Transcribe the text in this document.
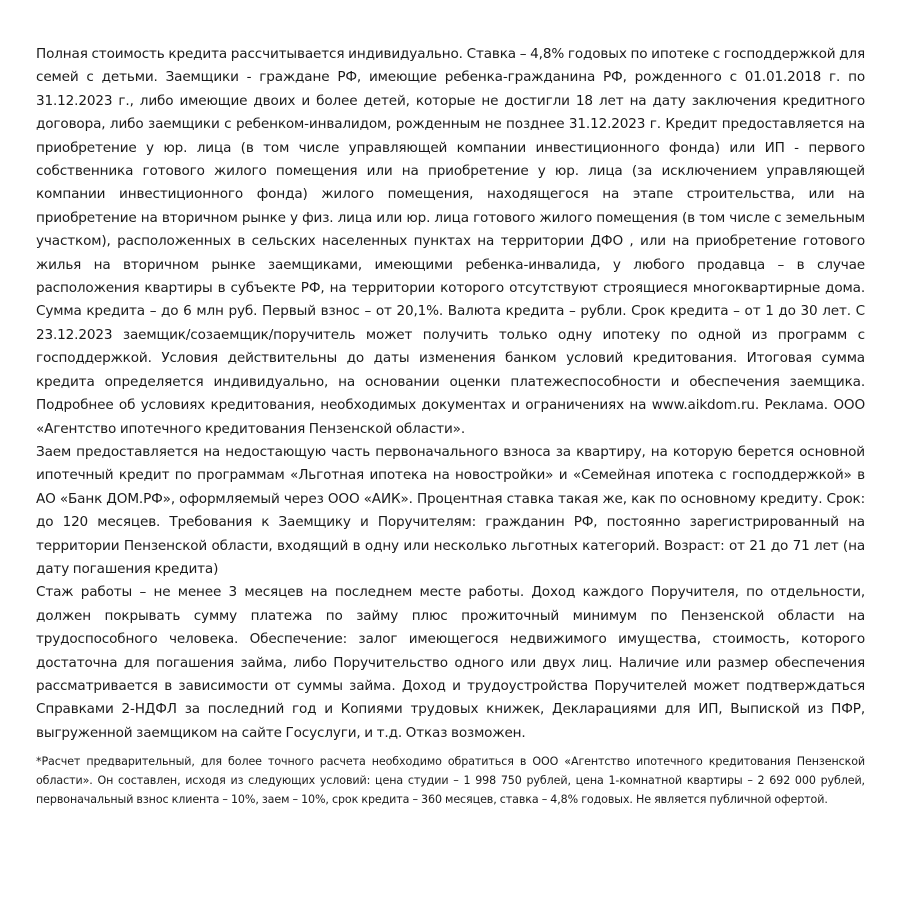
Полная стоимость кредита рассчитывается индивидуально. Ставка – 4,8% годовых по ипотеке с господдержкой для семей с детьми. Заемщики - граждане РФ, имеющие ребенка-гражданина РФ, рожденного с 01.01.2018 г. по 31.12.2023 г., либо имеющие двоих и более детей, которые не достигли 18 лет на дату заключения кредитного договора, либо заемщики с ребенком-инвалидом, рожденным не позднее 31.12.2023 г. Кредит предоставляется на приобретение у юр. лица (в том числе управляющей компании инвестиционного фонда) или ИП - первого собственника готового жилого помещения или на приобретение у юр. лица (за исключением управляющей компании инвестиционного фонда) жилого помещения, находящегося на этапе строительства, или на приобретение на вторичном рынке у физ. лица или юр. лица готового жилого помещения (в том числе с земельным участком), расположенных в сельских населенных пунктах на территории ДФО , или на приобретение готового жилья на вторичном рынке заемщиками, имеющими ребенка-инвалида, у любого продавца – в случае расположения квартиры в субъекте РФ, на территории которого отсутствуют строящиеся многоквартирные дома. Сумма кредита – до 6 млн руб. Первый взнос – от 20,1%. Валюта кредита – рубли. Срок кредита – от 1 до 30 лет. С 23.12.2023 заемщик/созаемщик/поручитель может получить только одну ипотеку по одной из программ с господдержкой. Условия действительны до даты изменения банком условий кредитования. Итоговая сумма кредита определяется индивидуально, на основании оценки платежеспособности и обеспечения заемщика. Подробнее об условиях кредитования, необходимых документах и ограничениях на www.aikdom.ru. Реклама. ООО «Агентство ипотечного кредитования Пензенской области».

Заем предоставляется на недостающую часть первоначального взноса за квартиру, на которую берется основной ипотечный кредит по программам «Льготная ипотека на новостройки» и «Семейная ипотека с господдержкой» в АО «Банк ДОМ.РФ», оформляемый через ООО «АИК». Процентная ставка такая же, как по основному кредиту. Срок: до 120 месяцев. Требования к Заемщику и Поручителям: гражданин РФ, постоянно зарегистрированный на территории Пензенской области, входящий в одну или несколько льготных категорий. Возраст: от 21 до 71 лет (на дату погашения кредита)

Стаж работы – не менее 3 месяцев на последнем месте работы. Доход каждого Поручителя, по отдельности, должен покрывать сумму платежа по займу плюс прожиточный минимум по Пензенской области на трудоспособного человека. Обеспечение: залог имеющегося недвижимого имущества, стоимость, которого достаточна для погашения займа, либо Поручительство одного или двух лиц. Наличие или размер обеспечения рассматривается в зависимости от суммы займа. Доход и трудоустройства Поручителей может подтверждаться Справками 2-НДФЛ за последний год и Копиями трудовых книжек, Декларациями для ИП, Выпиской из ПФР, выгруженной заемщиком на сайте Госуслуги, и т.д. Отказ возможен.

*Расчет предварительный, для более точного расчета необходимо обратиться в ООО «Агентство ипотечного кредитования Пензенской области». Он составлен, исходя из следующих условий: цена студии – 1 998 750 рублей, цена 1-комнатной квартиры – 2 692 000 рублей, первоначальный взнос клиента – 10%, заем – 10%, срок кредита – 360 месяцев, ставка – 4,8% годовых. Не является публичной офертой.
